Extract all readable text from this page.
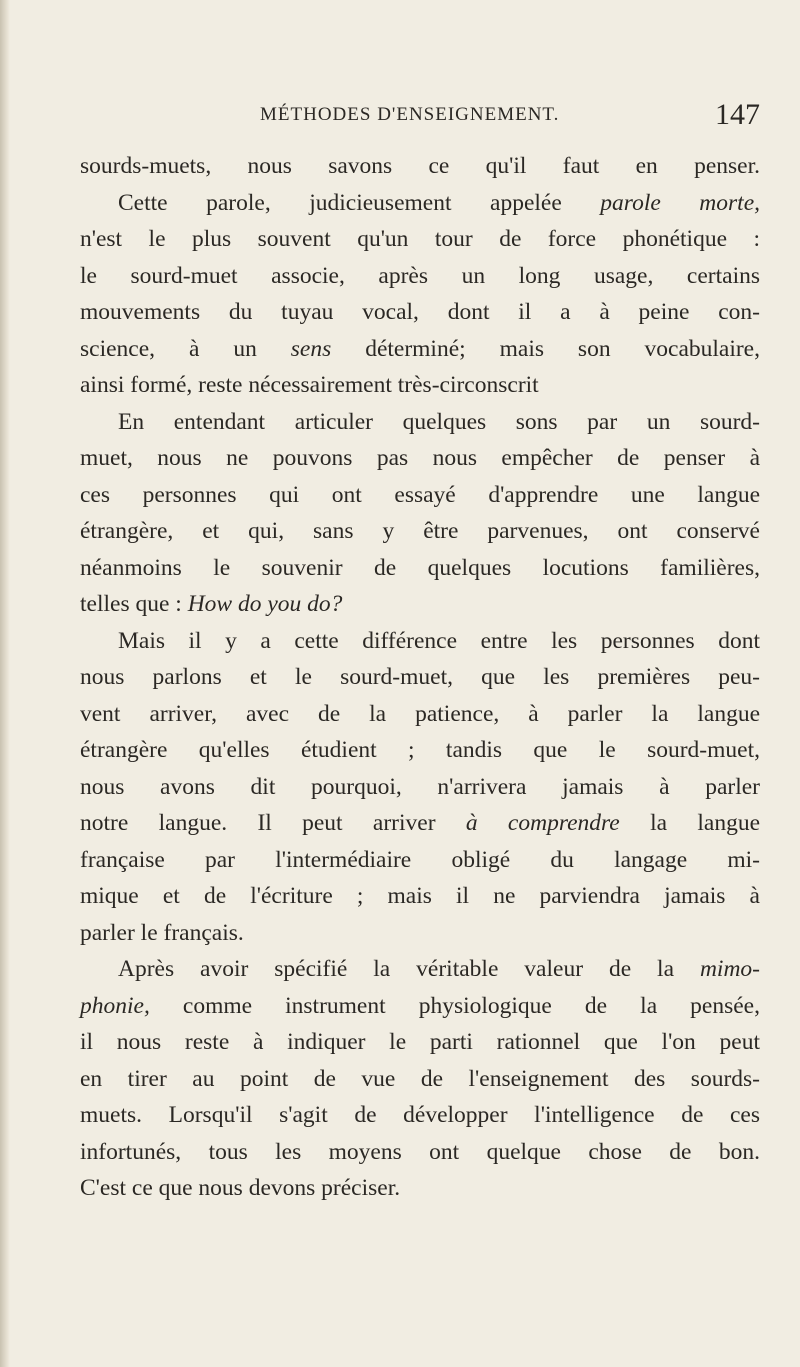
MÉTHODES D'ENSEIGNEMENT.	147
sourds-muets, nous savons ce qu'il faut en penser.
Cette parole, judicieusement appelée parole morte,
n'est le plus souvent qu'un tour de force phonétique :
le sourd-muet associe, après un long usage, certains
mouvements du tuyau vocal, dont il a à peine con-
science, à un sens déterminé; mais son vocabulaire,
ainsi formé, reste nécessairement très-circonscrit
En entendant articuler quelques sons par un sourd-
muet, nous ne pouvons pas nous empêcher de penser à
ces personnes qui ont essayé d'apprendre une langue
étrangère, et qui, sans y être parvenues, ont conservé
néanmoins le souvenir de quelques locutions familières,
telles que : How do you do?
Mais il y a cette différence entre les personnes dont
nous parlons et le sourd-muet, que les premières peu-
vent arriver, avec de la patience, à parler la langue
étrangère qu'elles étudient ; tandis que le sourd-muet,
nous avons dit pourquoi, n'arrivera jamais à parler
notre langue. Il peut arriver à comprendre la langue
française par l'intermédiaire obligé du langage mi-
mique et de l'écriture ; mais il ne parviendra jamais à
parler le français.
Après avoir spécifié la véritable valeur de la mimo-
phonie, comme instrument physiologique de la pensée,
il nous reste à indiquer le parti rationnel que l'on peut
en tirer au point de vue de l'enseignement des sourds-
muets. Lorsqu'il s'agit de développer l'intelligence de ces
infortunés, tous les moyens ont quelque chose de bon.
C'est ce que nous devons préciser.
